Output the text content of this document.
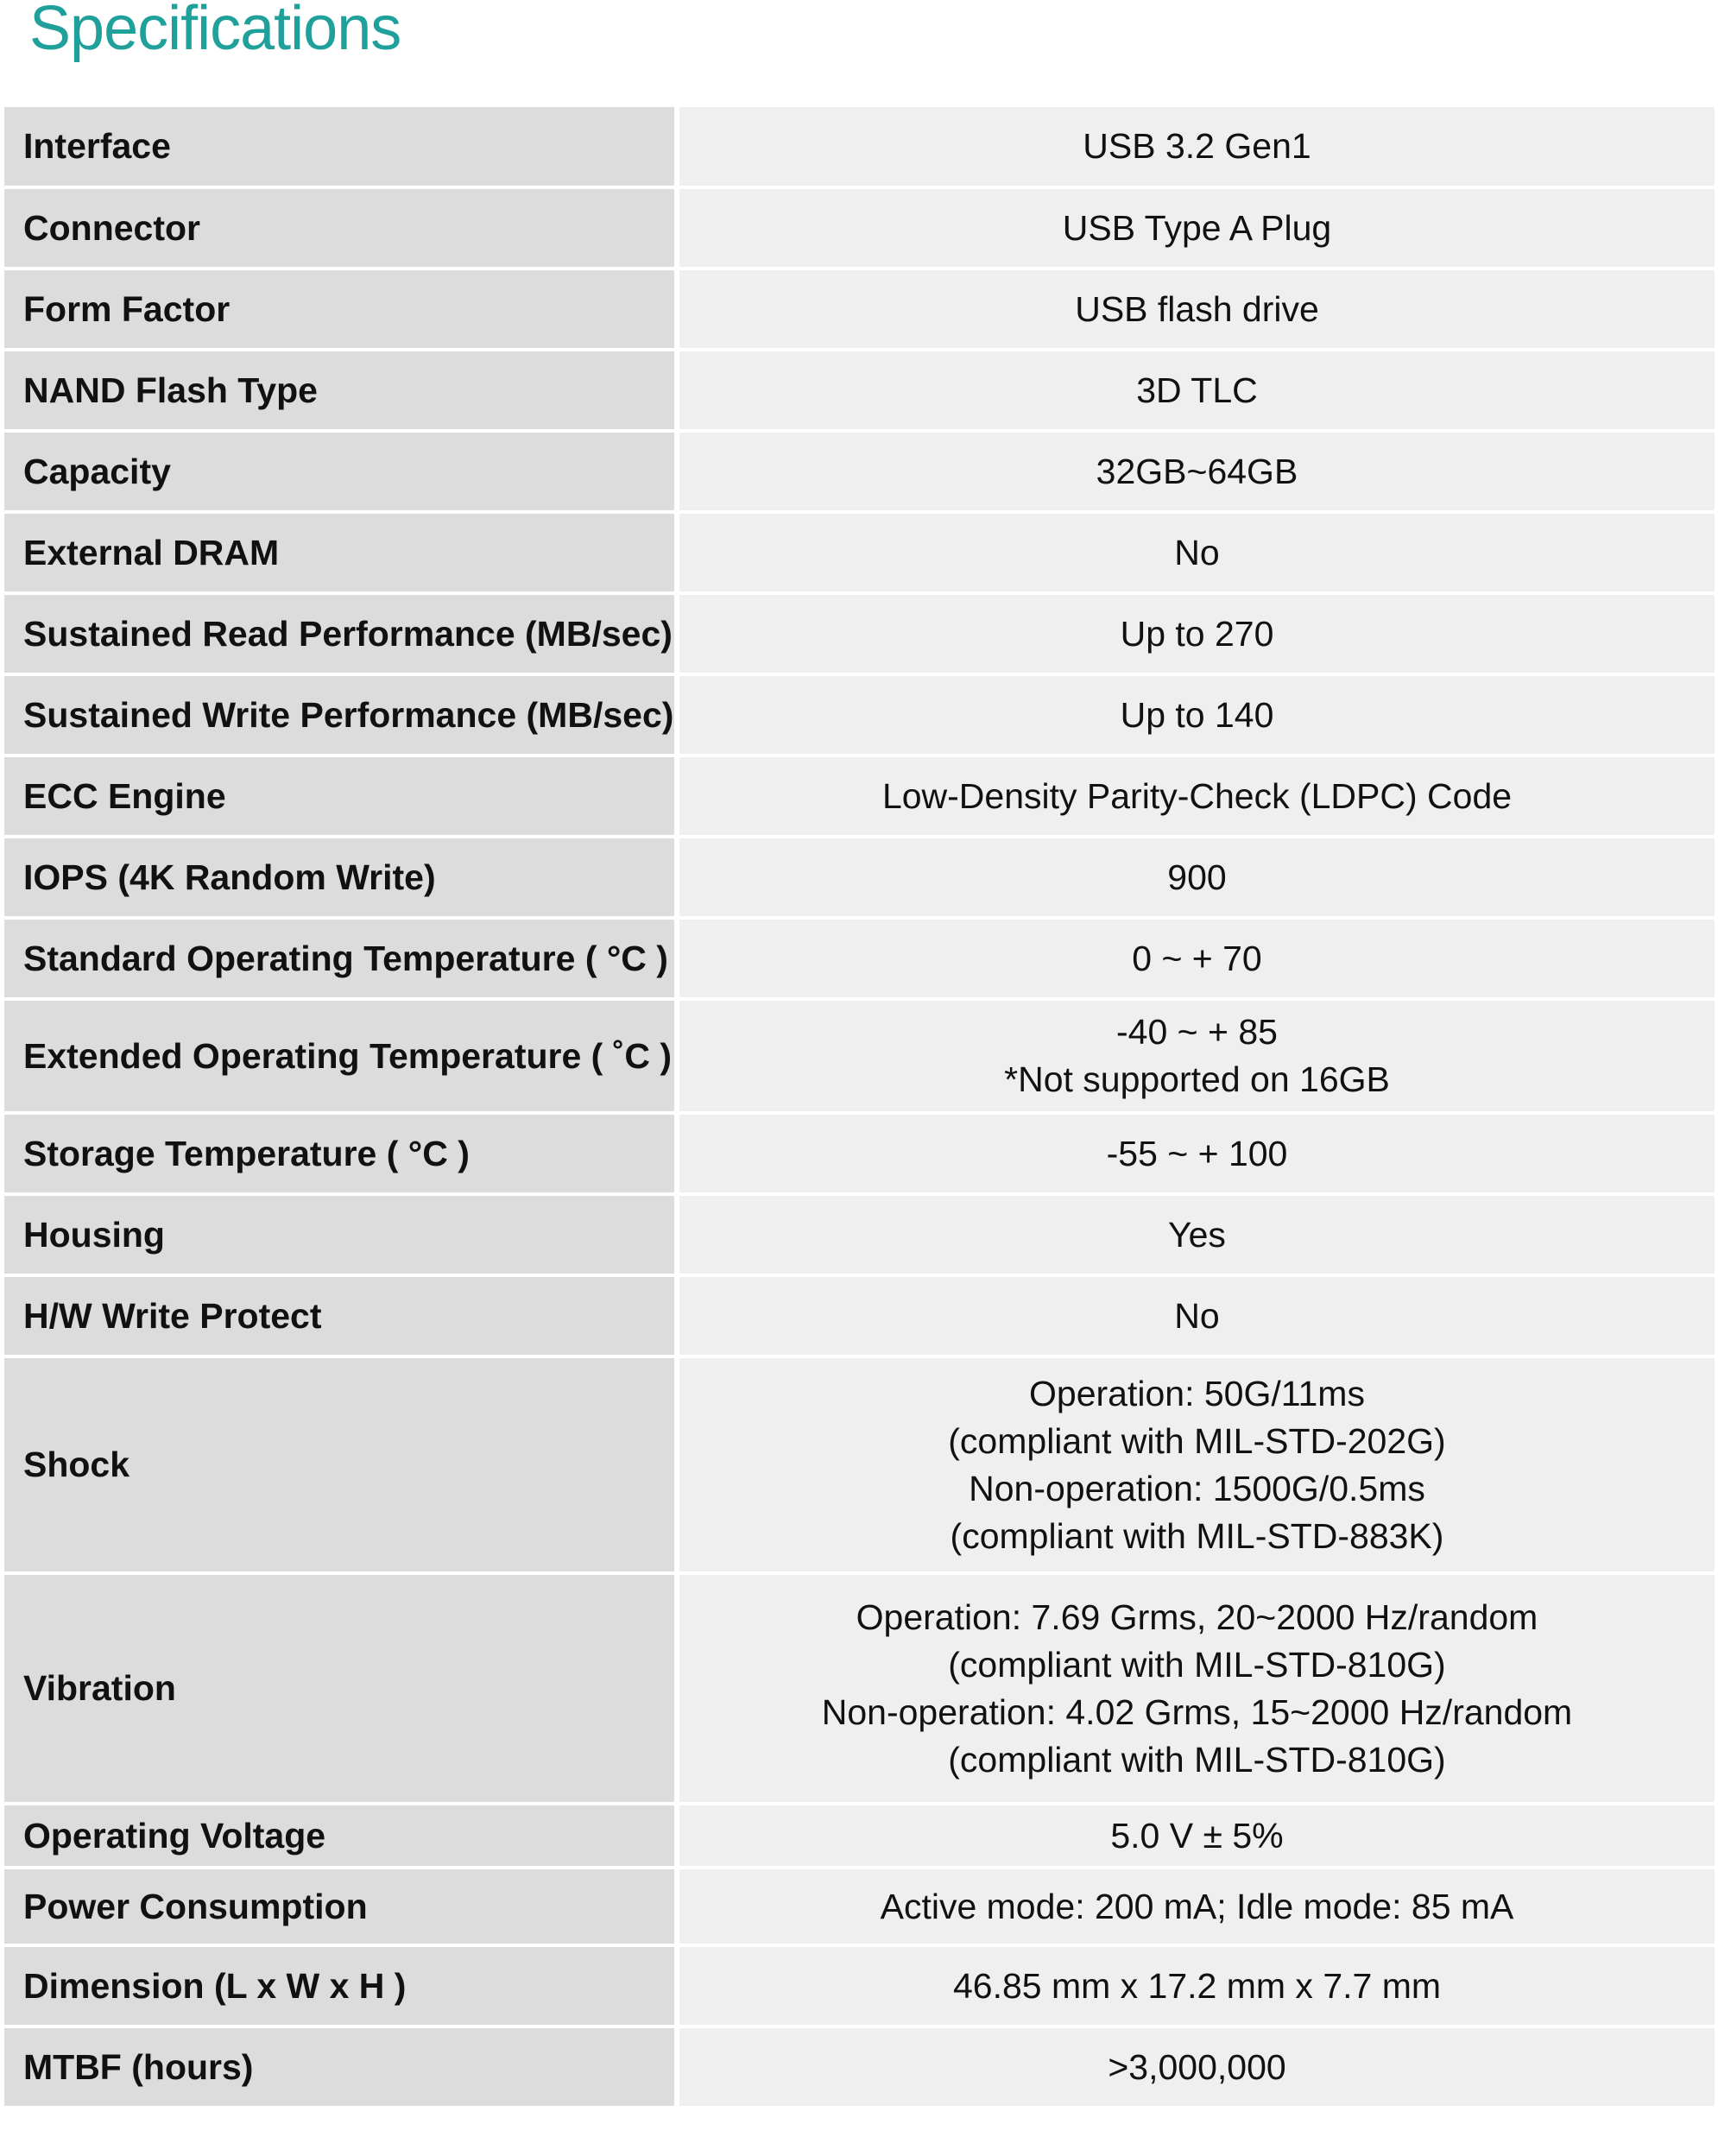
Specifications
Interface		USB 3.2 Gen1

Connector		USB Type A Plug

Form Factor		USB flash drive

NAND Flash Type		3D TLC

Capacity		32GB~64GB

External DRAM		No

Sustained Read Performance (MB/sec)		Up to 270

Sustained Write Performance (MB/sec)		Up to 140

ECC Engine		Low-Density Parity-Check (LDPC) Code

IOPS (4K Random Write)		900

Standard Operating Temperature ( °C )		0 ~ + 70

Extended Operating Temperature ( ˚C )		-40 ~ + 85
*Not supported on 16GB

Storage Temperature ( °C )		-55 ~ + 100

Housing		Yes

H/W Write Protect		No

Shock		Operation: 50G/11ms
(compliant with MIL-STD-202G)
Non-operation: 1500G/0.5ms
(compliant with MIL-STD-883K)

Vibration		Operation: 7.69 Grms, 20~2000 Hz/random
(compliant with MIL-STD-810G)
Non-operation: 4.02 Grms, 15~2000 Hz/random
(compliant with MIL-STD-810G)

Operating Voltage		5.0 V ± 5%

Power Consumption		Active mode: 200 mA; Idle mode: 85 mA

Dimension (L x W x H )		46.85 mm x 17.2 mm x 7.7 mm

MTBF (hours)		>3,000,000
